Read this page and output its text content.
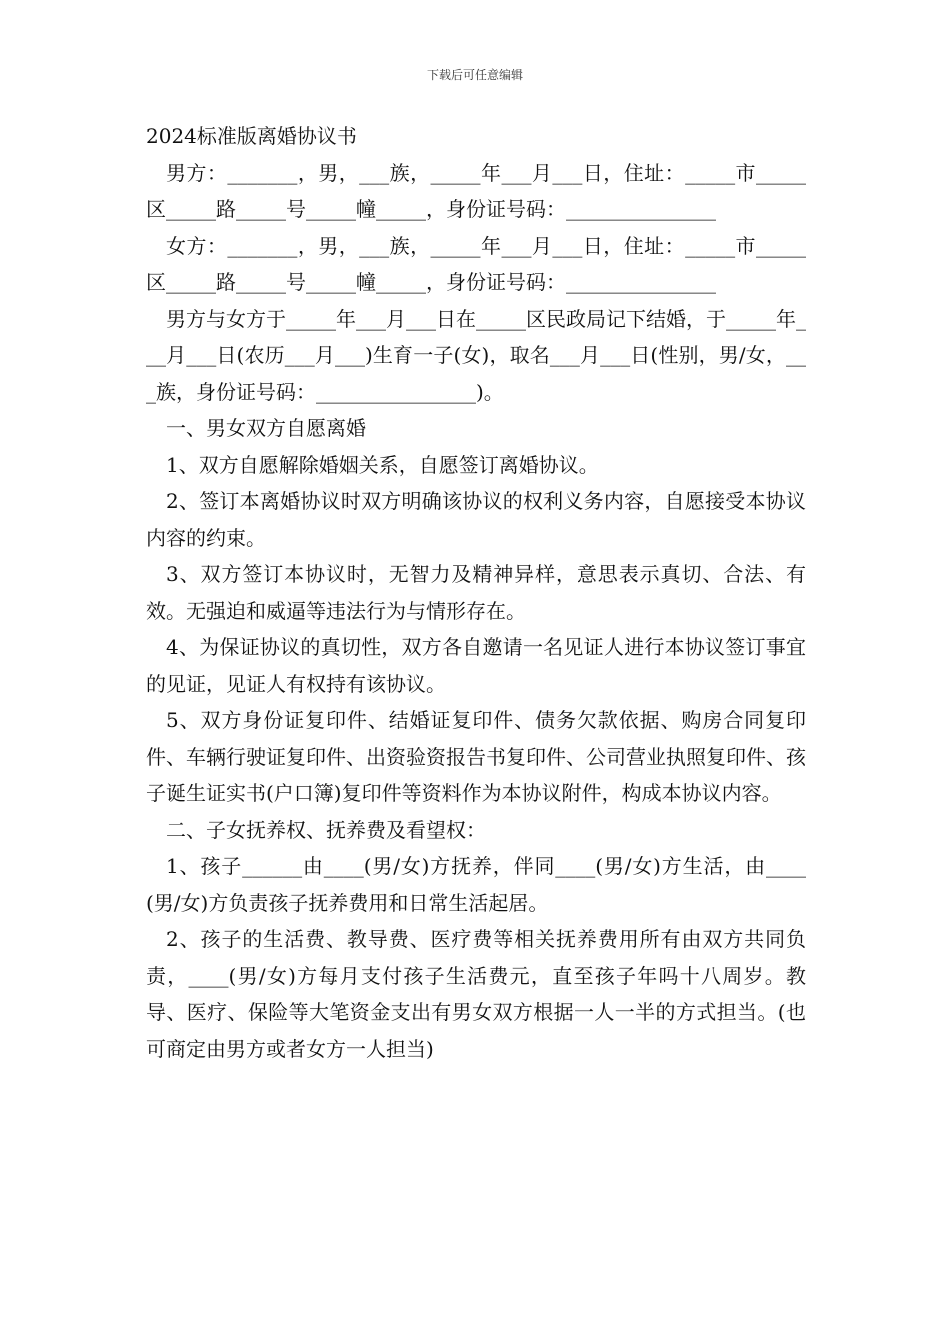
下载后可任意编辑

2024标准版离婚协议书

男方：_______，男，___族，_____年___月___日，住址：_____市_____区_____路_____号_____幢_____，身份证号码：_______________

女方：_______，男，___族，_____年___月___日，住址：_____市_____区_____路_____号_____幢_____，身份证号码：_______________

男方与女方于_____年___月___日在_____区民政局记下结婚，于_____年___月___日(农历___月___)生育一子(女)，取名___月___日(性别，男/女，___族，身份证号码：________________)。

一、男女双方自愿离婚

1、双方自愿解除婚姻关系，自愿签订离婚协议。

2、签订本离婚协议时双方明确该协议的权利义务内容，自愿接受本协议内容的约束。

3、双方签订本协议时，无智力及精神异样，意思表示真切、合法、有效。无强迫和威逼等违法行为与情形存在。

4、为保证协议的真切性，双方各自邀请一名见证人进行本协议签订事宜的见证，见证人有权持有该协议。

5、双方身份证复印件、结婚证复印件、债务欠款依据、购房合同复印件、车辆行驶证复印件、出资验资报告书复印件、公司营业执照复印件、孩子诞生证实书(户口簿)复印件等资料作为本协议附件，构成本协议内容。

二、子女抚养权、抚养费及看望权：

1、孩子______由____(男/女)方抚养，伴同____(男/女)方生活，由____(男/女)方负责孩子抚养费用和日常生活起居。

2、孩子的生活费、教导费、医疗费等相关抚养费用所有由双方共同负责，____(男/女)方每月支付孩子生活费元，直至孩子年吗十八周岁。教导、医疗、保险等大笔资金支出有男女双方根据一人一半的方式担当。(也可商定由男方或者女方一人担当)
